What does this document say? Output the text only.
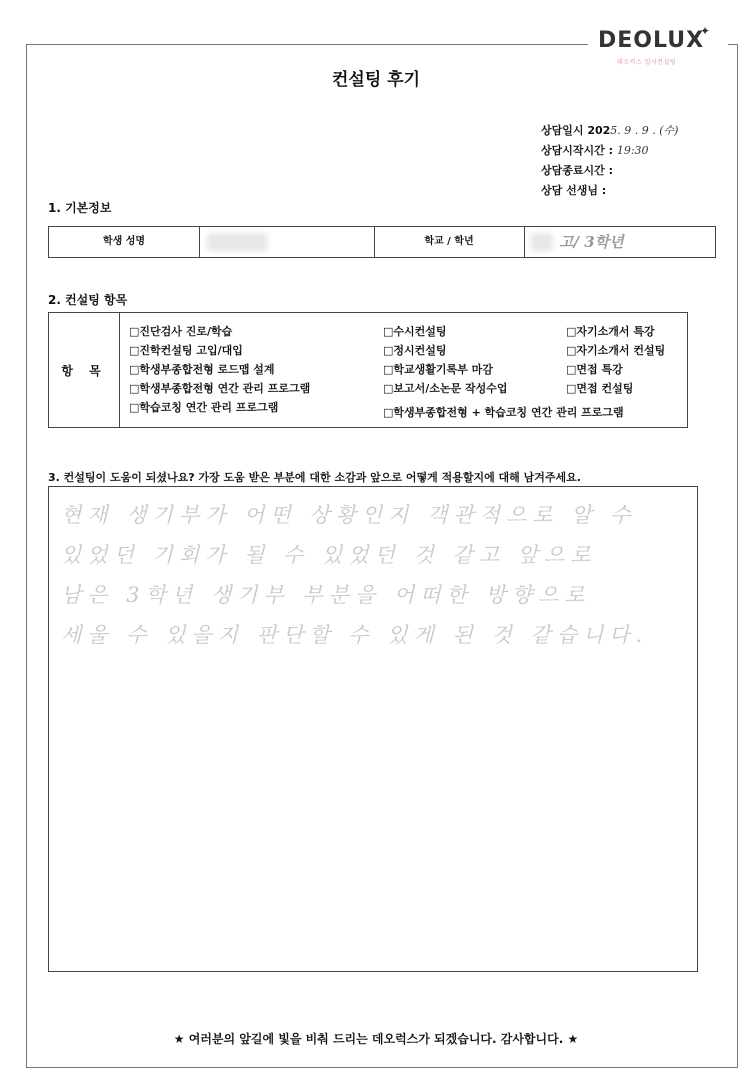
DEOLUX
✦
데오럭스 입시컨설팅
컨설팅 후기
상담일시 2025. 9 . 9 . (수)
상담시작시간 : 19:30
상담종료시간 :
상담 선생님 :
1. 기본정보
학생 성명	학교 / 학년	고/ 3학년
2. 컨설팅 항목
항 목
□진단검사 진로/학습
□진학컨설팅 고입/대입
□학생부종합전형 로드맵 설계
□학생부종합전형 연간 관리 프로그램
□학습코칭 연간 관리 프로그램
□수시컨설팅
□정시컨설팅
□학교생활기록부 마감
□보고서/소논문 작성수업
□학생부종합전형 + 학습코칭 연간 관리 프로그램
□자기소개서 특강
□자기소개서 컨설팅
□면접 특강
□면접 컨설팅
3. 컨설팅이 도움이 되셨나요? 가장 도움 받은 부분에 대한 소감과 앞으로 어떻게 적용할지에 대해 남겨주세요.
현재 생기부가 어떤 상황인지 객관적으로 알 수
있었던 기회가 될 수 있었던 것 같고 앞으로
남은 3학년 생기부 부분을 어떠한 방향으로
세울 수 있을지 판단할 수 있게 된 것 같습니다.
★ 여러분의 앞길에 빛을 비춰 드리는 데오럭스가 되겠습니다. 감사합니다. ★
